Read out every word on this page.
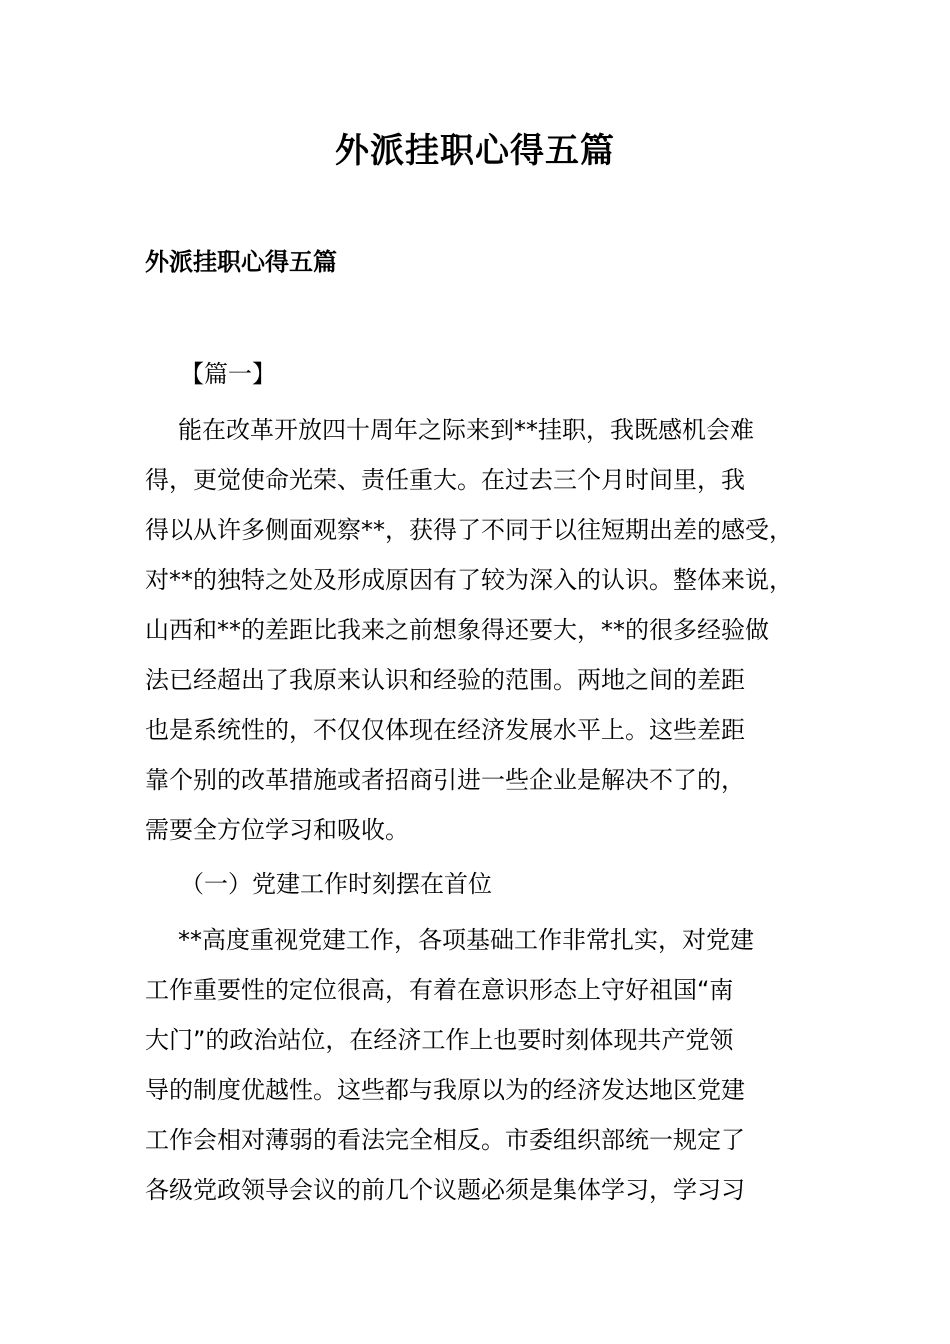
外派挂职心得五篇
外派挂职心得五篇
【篇一】
能在改革开放四十周年之际来到**挂职，我既感机会难
得，更觉使命光荣、责任重大。在过去三个月时间里，我
得以从许多侧面观察**，获得了不同于以往短期出差的感受，
对**的独特之处及形成原因有了较为深入的认识。整体来说，
山西和**的差距比我来之前想象得还要大，**的很多经验做
法已经超出了我原来认识和经验的范围。两地之间的差距
也是系统性的，不仅仅体现在经济发展水平上。这些差距
靠个别的改革措施或者招商引进一些企业是解决不了的，
需要全方位学习和吸收。
（一）党建工作时刻摆在首位
**高度重视党建工作，各项基础工作非常扎实，对党建
工作重要性的定位很高，有着在意识形态上守好祖国“南
大门”的政治站位，在经济工作上也要时刻体现共产党领
导的制度优越性。这些都与我原以为的经济发达地区党建
工作会相对薄弱的看法完全相反。市委组织部统一规定了
各级党政领导会议的前几个议题必须是集体学习，学习习
